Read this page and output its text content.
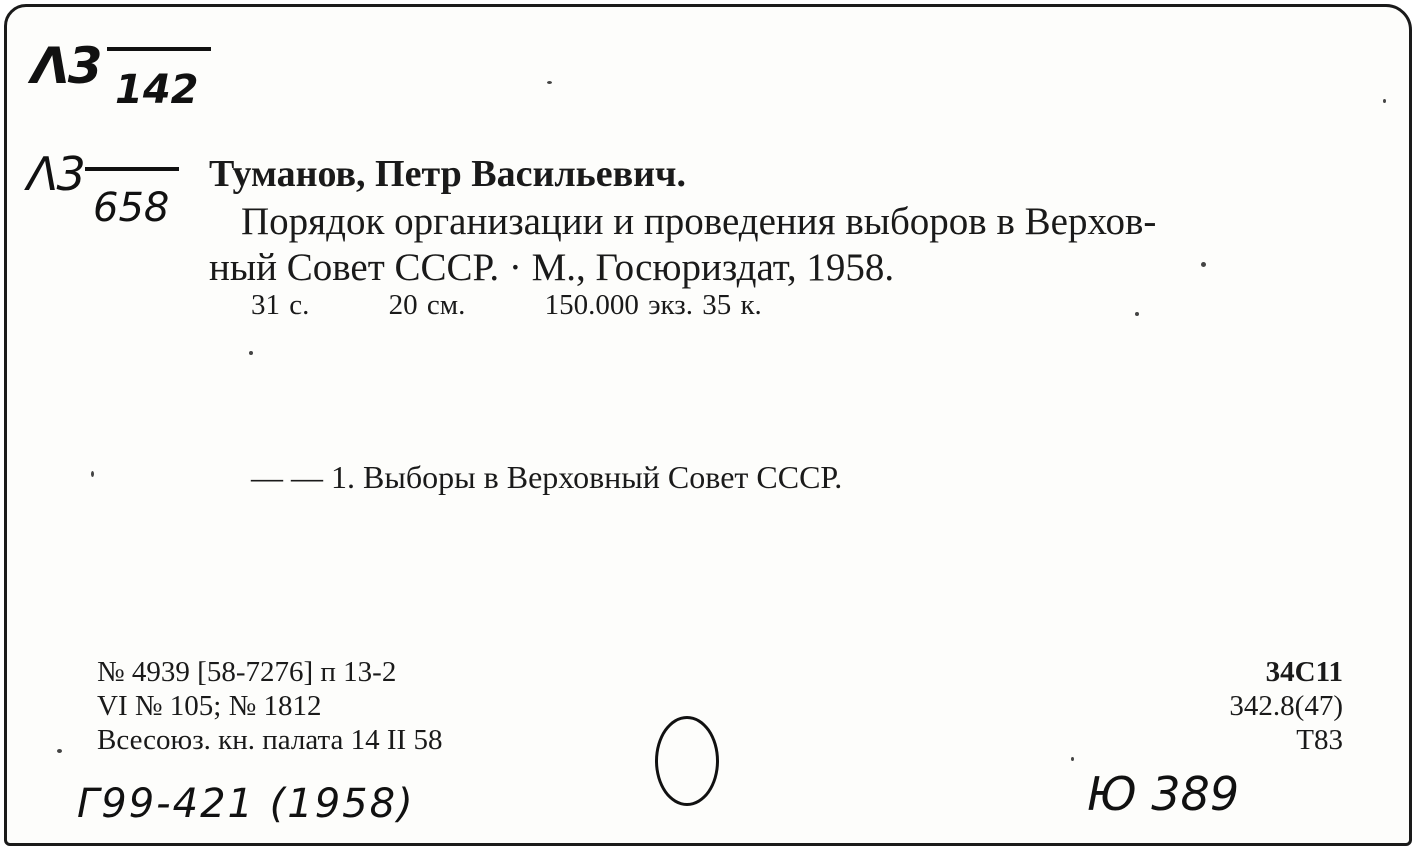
Λ3 142
Λ3
658
Туманов, Петр Васильевич.
Порядок организации и проведения выборов в Верхов-
ный Совет СССР. · М., Госюриздат, 1958.
31 с.	20 см.	150.000 экз. 35 к.
— — 1. Выборы в Верховный Совет СССР.
№ 4939 [58-7276] п 13-2
VI № 105; № 1812
Всесоюз. кн. палата 14 II 58
34С11
342.8(47)
Т83
Г99-421 (1958)	Ю 389
